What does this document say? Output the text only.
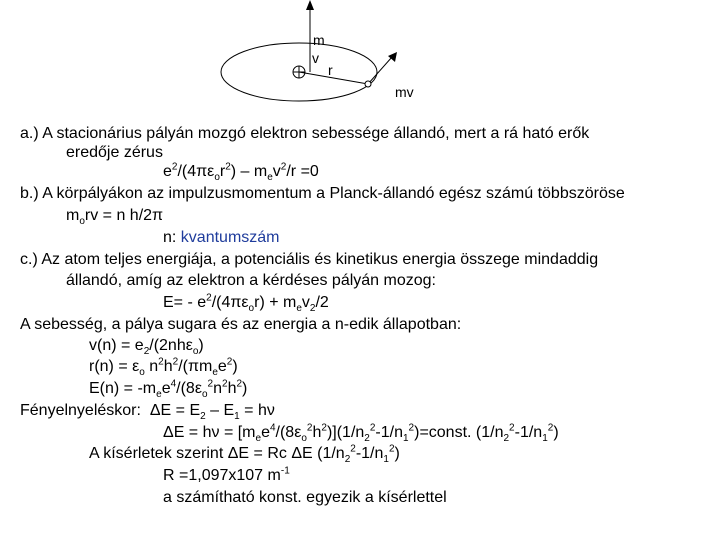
m
v
r
mv
a.) A stacionárius pályán mozgó elektron sebessége állandó, mert a rá ható erők
eredője zérus
$e^2/(4\pi\varepsilon_or^2) - m_ev^2/r =0$
b.) A körpályákon az impulzusmomentum a Planck-állandó egész számú többszöröse
$m_orv = n$ h/2π
n: kvantumszám
c.) Az atom teljes energiája, a potenciális és kinetikus energia összege mindaddig
állandó, amíg az elektron a kérdéses pályán mozog:
$E= - e^2/(4\pi\varepsilon_or) + m_ev_2/2$
A sebesség, a pálya sugara és az energia a n-edik állapotban:
$v(n) = e_2/(2nh\varepsilon_o)$
$r(n) = \varepsilon_o$ $n^2h^2/(\pi m_ee^2)$
$E(n) = -m_ee^4/(8\varepsilon_o^2n^2h^2)$
Fényelnyeléskor:  $\Delta E = E_2 - E_1 = h\nu$
$\Delta E = h\nu = [m_ee^4/(8\varepsilon_o^2h^2)](1/n_2^2-1/n_1^2)=const$. $(1/n_2^2-1/n_1^2)$
A kísérletek szerint ΔE = Rc ΔE $(1/n_2^2-1/n_1^2)$
R =1,097x107 $m^{-1}$
a számítható konst. egyezik a kísérlettel
